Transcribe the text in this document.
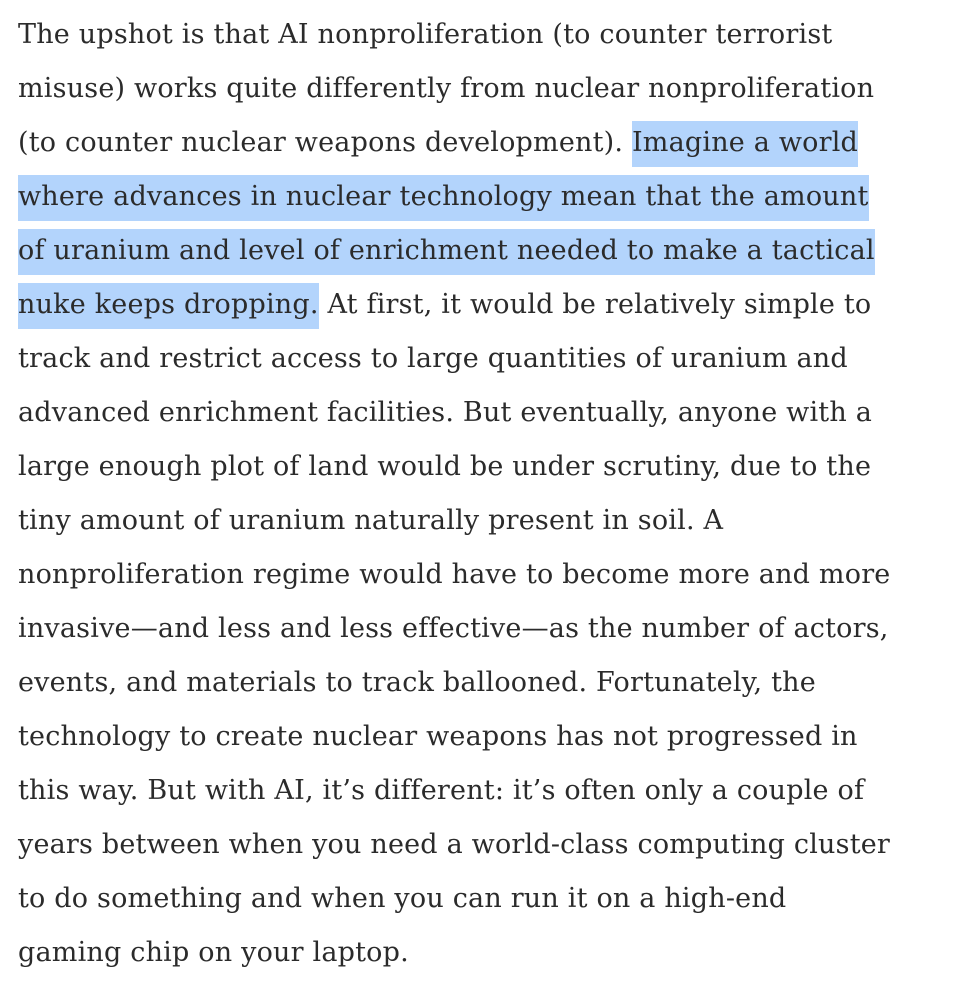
The upshot is that AI nonproliferation (to counter terrorist
misuse) works quite differently from nuclear nonproliferation
(to counter nuclear weapons development). Imagine a world
where advances in nuclear technology mean that the amount
of uranium and level of enrichment needed to make a tactical
nuke keeps dropping. At first, it would be relatively simple to
track and restrict access to large quantities of uranium and
advanced enrichment facilities. But eventually, anyone with a
large enough plot of land would be under scrutiny, due to the
tiny amount of uranium naturally present in soil. A
nonproliferation regime would have to become more and more
invasive—and less and less effective—as the number of actors,
events, and materials to track ballooned. Fortunately, the
technology to create nuclear weapons has not progressed in
this way. But with AI, it’s different: it’s often only a couple of
years between when you need a world-class computing cluster
to do something and when you can run it on a high-end
gaming chip on your laptop.
